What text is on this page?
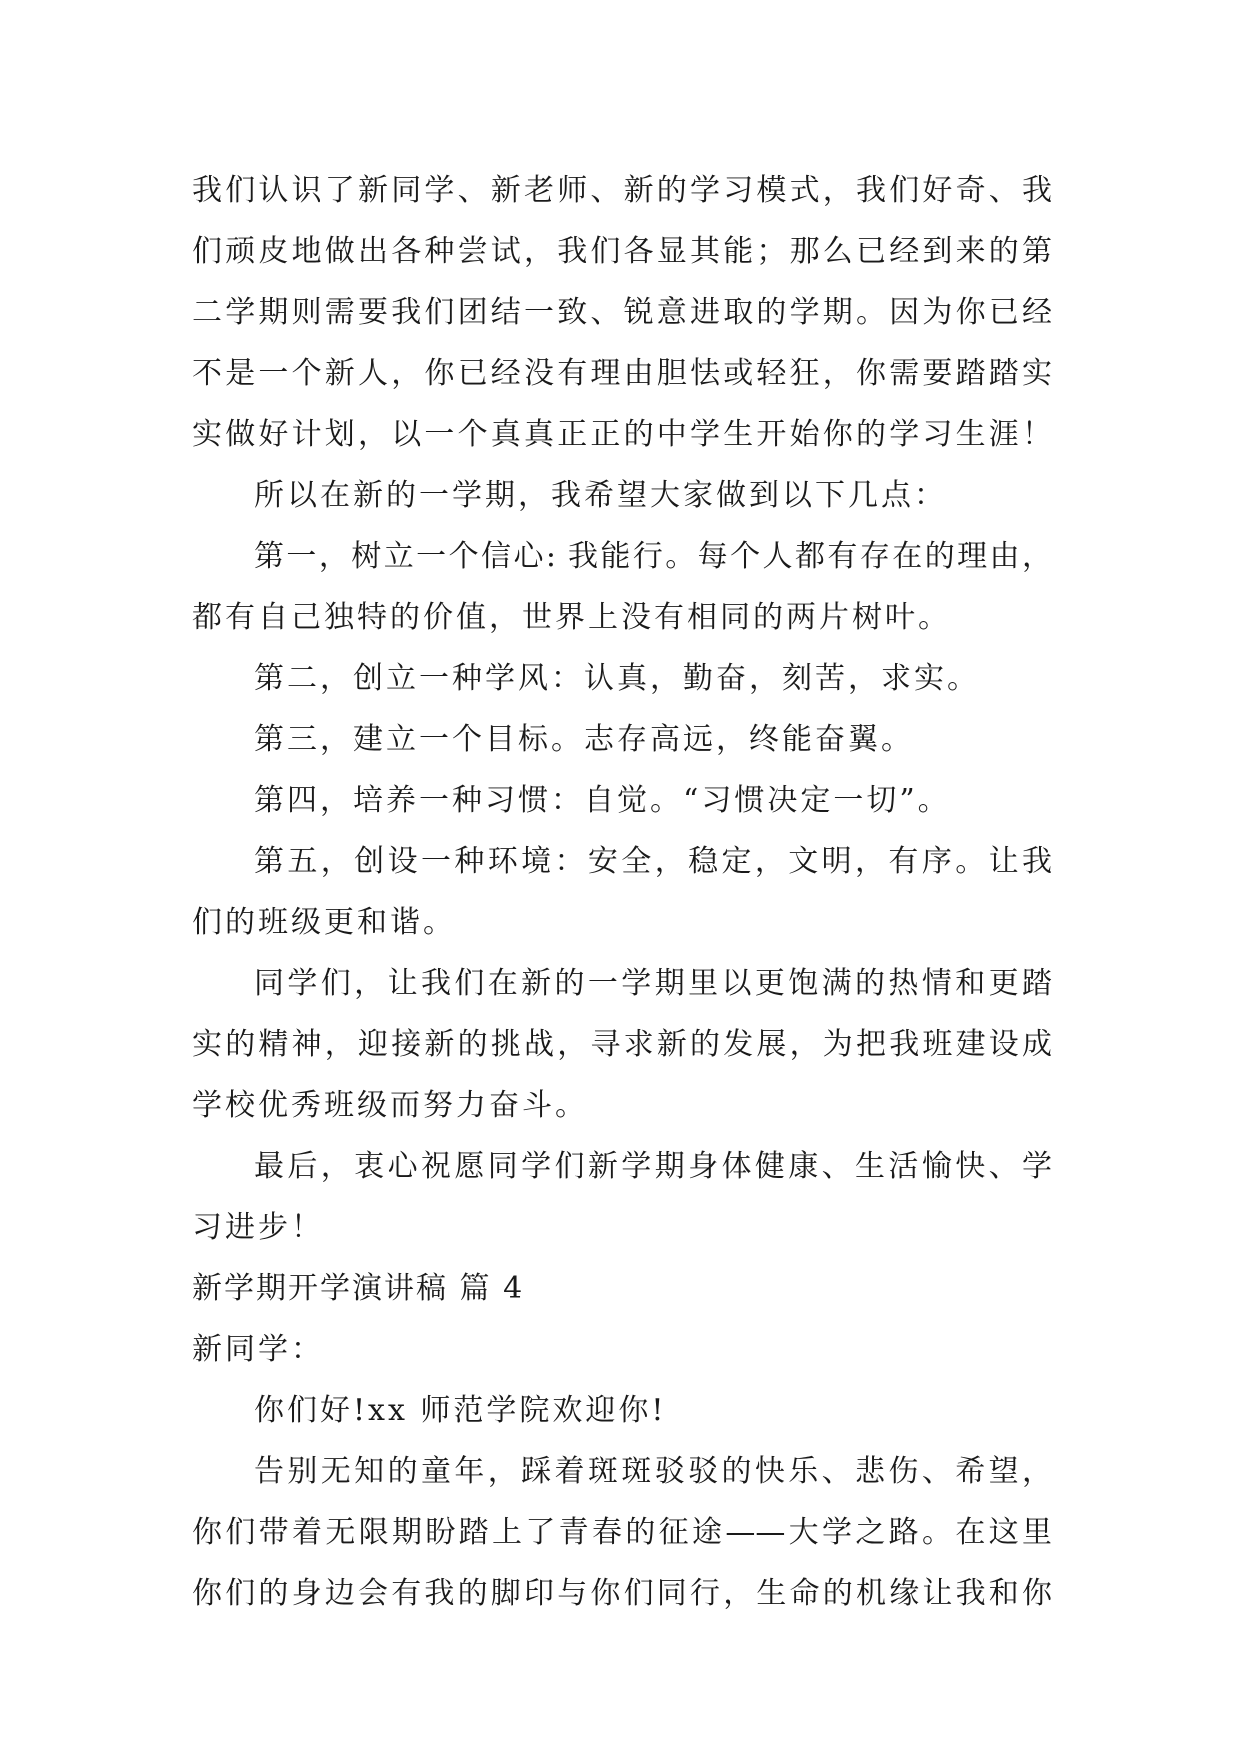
我们认识了新同学、新老师、新的学习模式，我们好奇、我
们顽皮地做出各种尝试，我们各显其能；那么已经到来的第
二学期则需要我们团结一致、锐意进取的学期。因为你已经
不是一个新人，你已经没有理由胆怯或轻狂，你需要踏踏实
实做好计划，以一个真真正正的中学生开始你的学习生涯！
所以在新的一学期，我希望大家做到以下几点：
第一，树立一个信心: 我能行。每个人都有存在的理由，
都有自己独特的价值，世界上没有相同的两片树叶。
第二，创立一种学风：认真，勤奋，刻苦，求实。
第三，建立一个目标。志存高远，终能奋翼。
第四，培养一种习惯：自觉。“习惯决定一切”。
第五，创设一种环境：安全，稳定，文明，有序。让我
们的班级更和谐。
同学们，让我们在新的一学期里以更饱满的热情和更踏
实的精神，迎接新的挑战，寻求新的发展，为把我班建设成
学校优秀班级而努力奋斗。
最后，衷心祝愿同学们新学期身体健康、生活愉快、学
习进步！
新学期开学演讲稿 篇 4
新同学：
你们好!xx 师范学院欢迎你!
告别无知的童年，踩着斑斑驳驳的快乐、悲伤、希望，
你们带着无限期盼踏上了青春的征途——大学之路。在这里
你们的身边会有我的脚印与你们同行，生命的机缘让我和你
